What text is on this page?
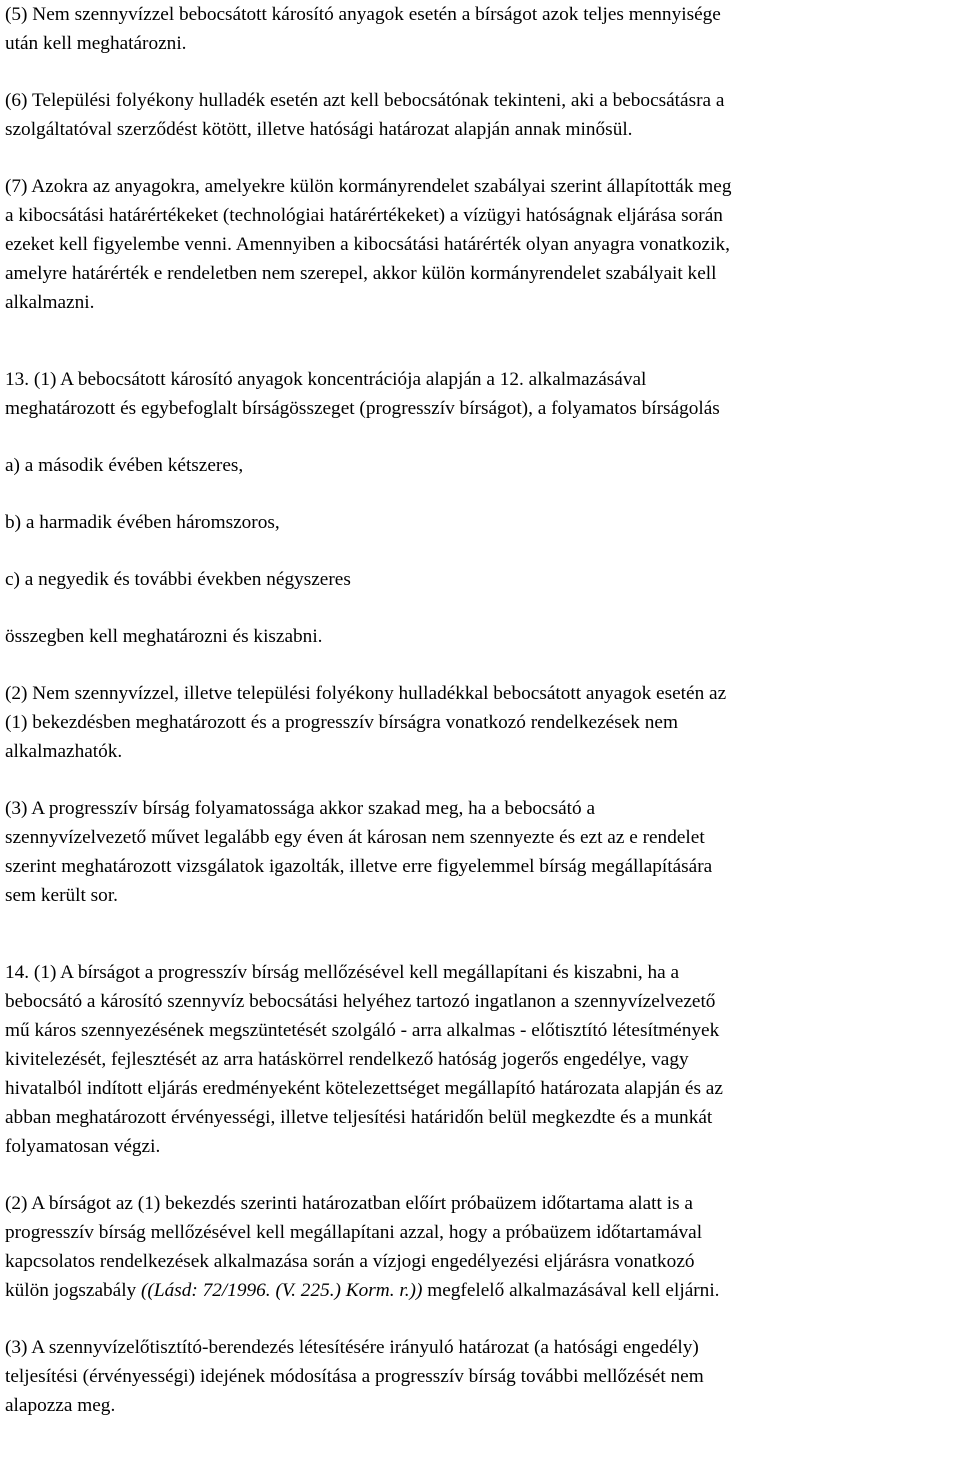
(5) Nem szennyvízzel bebocsátott károsító anyagok esetén a bírságot azok teljes mennyisége
után kell meghatározni.
(6) Települési folyékony hulladék esetén azt kell bebocsátónak tekinteni, aki a bebocsátásra a
szolgáltatóval szerződést kötött, illetve hatósági határozat alapján annak minősül.
(7) Azokra az anyagokra, amelyekre külön kormányrendelet szabályai szerint állapították meg
a kibocsátási határértékeket (technológiai határértékeket) a vízügyi hatóságnak eljárása során
ezeket kell figyelembe venni. Amennyiben a kibocsátási határérték olyan anyagra vonatkozik,
amelyre határérték e rendeletben nem szerepel, akkor külön kormányrendelet szabályait kell
alkalmazni.
13. (1) A bebocsátott károsító anyagok koncentrációja alapján a 12. alkalmazásával
meghatározott és egybefoglalt bírságösszeget (progresszív bírságot), a folyamatos bírságolás
a) a második évében kétszeres,
b) a harmadik évében háromszoros,
c) a negyedik és további években négyszeres
összegben kell meghatározni és kiszabni.
(2) Nem szennyvízzel, illetve települési folyékony hulladékkal bebocsátott anyagok esetén az
(1) bekezdésben meghatározott és a progresszív bírságra vonatkozó rendelkezések nem
alkalmazhatók.
(3) A progresszív bírság folyamatossága akkor szakad meg, ha a bebocsátó a
szennyvízelvezető művet legalább egy éven át károsan nem szennyezte és ezt az e rendelet
szerint meghatározott vizsgálatok igazolták, illetve erre figyelemmel bírság megállapítására
sem került sor.
14. (1) A bírságot a progresszív bírság mellőzésével kell megállapítani és kiszabni, ha a
bebocsátó a károsító szennyvíz bebocsátási helyéhez tartozó ingatlanon a szennyvízelvezető
mű káros szennyezésének megszüntetését szolgáló - arra alkalmas - előtisztító létesítmények
kivitelezését, fejlesztését az arra hatáskörrel rendelkező hatóság jogerős engedélye, vagy
hivatalból indított eljárás eredményeként kötelezettséget megállapító határozata alapján és az
abban meghatározott érvényességi, illetve teljesítési határidőn belül megkezdte és a munkát
folyamatosan végzi.
(2) A bírságot az (1) bekezdés szerinti határozatban előírt próbaüzem időtartama alatt is a
progresszív bírság mellőzésével kell megállapítani azzal, hogy a próbaüzem időtartamával
kapcsolatos rendelkezések alkalmazása során a vízjogi engedélyezési eljárásra vonatkozó
külön jogszabály ((Lásd: 72/1996. (V. 225.) Korm. r.)) megfelelő alkalmazásával kell eljárni.
(3) A szennyvízelőtisztító-berendezés létesítésére irányuló határozat (a hatósági engedély)
teljesítési (érvényességi) idejének módosítása a progresszív bírság további mellőzését nem
alapozza meg.
